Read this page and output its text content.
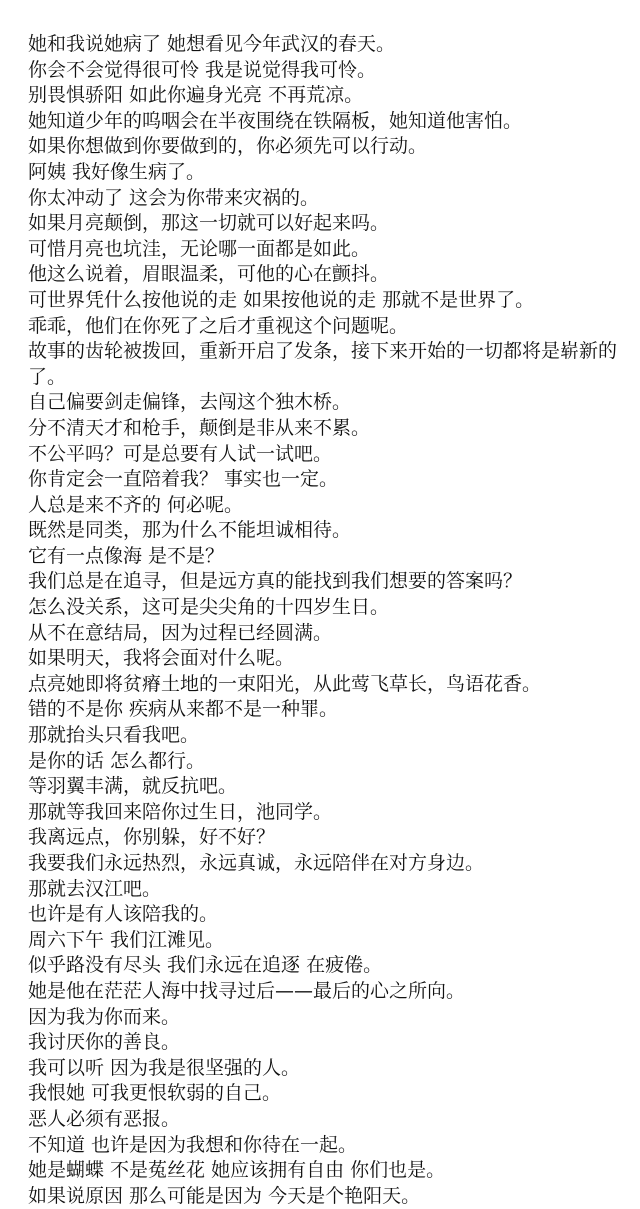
她和我说她病了 她想看见今年武汉的春天。
你会不会觉得很可怜 我是说觉得我可怜。
别畏惧骄阳 如此你遍身光亮 不再荒凉。
她知道少年的呜咽会在半夜围绕在铁隔板，她知道他害怕。
如果你想做到你要做到的，你必须先可以行动。
阿姨 我好像生病了。
你太冲动了 这会为你带来灾祸的。
如果月亮颠倒，那这一切就可以好起来吗。
可惜月亮也坑洼，无论哪一面都是如此。
他这么说着，眉眼温柔，可他的心在颤抖。
可世界凭什么按他说的走 如果按他说的走 那就不是世界了。
乖乖，他们在你死了之后才重视这个问题呢。
故事的齿轮被拨回，重新开启了发条，接下来开始的一切都将是崭新的了。
自己偏要剑走偏锋，去闯这个独木桥。
分不清天才和枪手，颠倒是非从来不累。
不公平吗？可是总要有人试一试吧。
你肯定会一直陪着我？ 事实也一定。
人总是来不齐的 何必呢。
既然是同类，那为什么不能坦诚相待。
它有一点像海 是不是？
我们总是在追寻，但是远方真的能找到我们想要的答案吗？
怎么没关系，这可是尖尖角的十四岁生日。
从不在意结局，因为过程已经圆满。
如果明天，我将会面对什么呢。
点亮她即将贫瘠土地的一束阳光，从此莺飞草长，鸟语花香。
错的不是你 疾病从来都不是一种罪。
那就抬头只看我吧。
是你的话 怎么都行。
等羽翼丰满，就反抗吧。
那就等我回来陪你过生日，池同学。
我离远点，你别躲，好不好？
我要我们永远热烈，永远真诚，永远陪伴在对方身边。
那就去汉江吧。
也许是有人该陪我的。
周六下午 我们江滩见。
似乎路没有尽头 我们永远在追逐 在疲倦。
她是他在茫茫人海中找寻过后——最后的心之所向。
因为我为你而来。
我讨厌你的善良。
我可以听 因为我是很坚强的人。
我恨她 可我更恨软弱的自己。
恶人必须有恶报。
不知道 也许是因为我想和你待在一起。
她是蝴蝶 不是菟丝花 她应该拥有自由 你们也是。
如果说原因 那么可能是因为 今天是个艳阳天。
